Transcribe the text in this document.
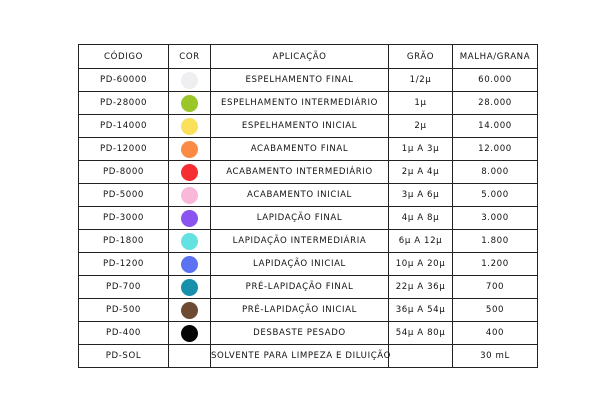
CÓDIGO	COR	APLICAÇÃO	GRÃO	MALHA/GRANA
PD-60000		ESPELHAMENTO FINAL	1/2μ	60.000
PD-28000		ESPELHAMENTO INTERMEDIÁRIO	1μ	28.000
PD-14000		ESPELHAMENTO INICIAL	2μ	14.000
PD-12000		ACABAMENTO FINAL	1μ A 3μ	12.000
PD-8000		ACABAMENTO INTERMEDIÁRIO	2μ A 4μ	8.000
PD-5000		ACABAMENTO INICIAL	3μ A 6μ	5.000
PD-3000		LAPIDAÇÃO FINAL	4μ A 8μ	3.000
PD-1800		LAPIDAÇÃO INTERMEDIÁRIA	6μ A 12μ	1.800
PD-1200		LAPIDAÇÃO INICIAL	10μ A 20μ	1.200
PD-700		PRÉ-LAPIDAÇÃO FINAL	22μ A 36μ	700
PD-500		PRÉ-LAPIDAÇÃO INICIAL	36μ A 54μ	500
PD-400		DESBASTE PESADO	54μ A 80μ	400
PD-SOL		SOLVENTE PARA LIMPEZA E DILUIÇÃO		30 mL
